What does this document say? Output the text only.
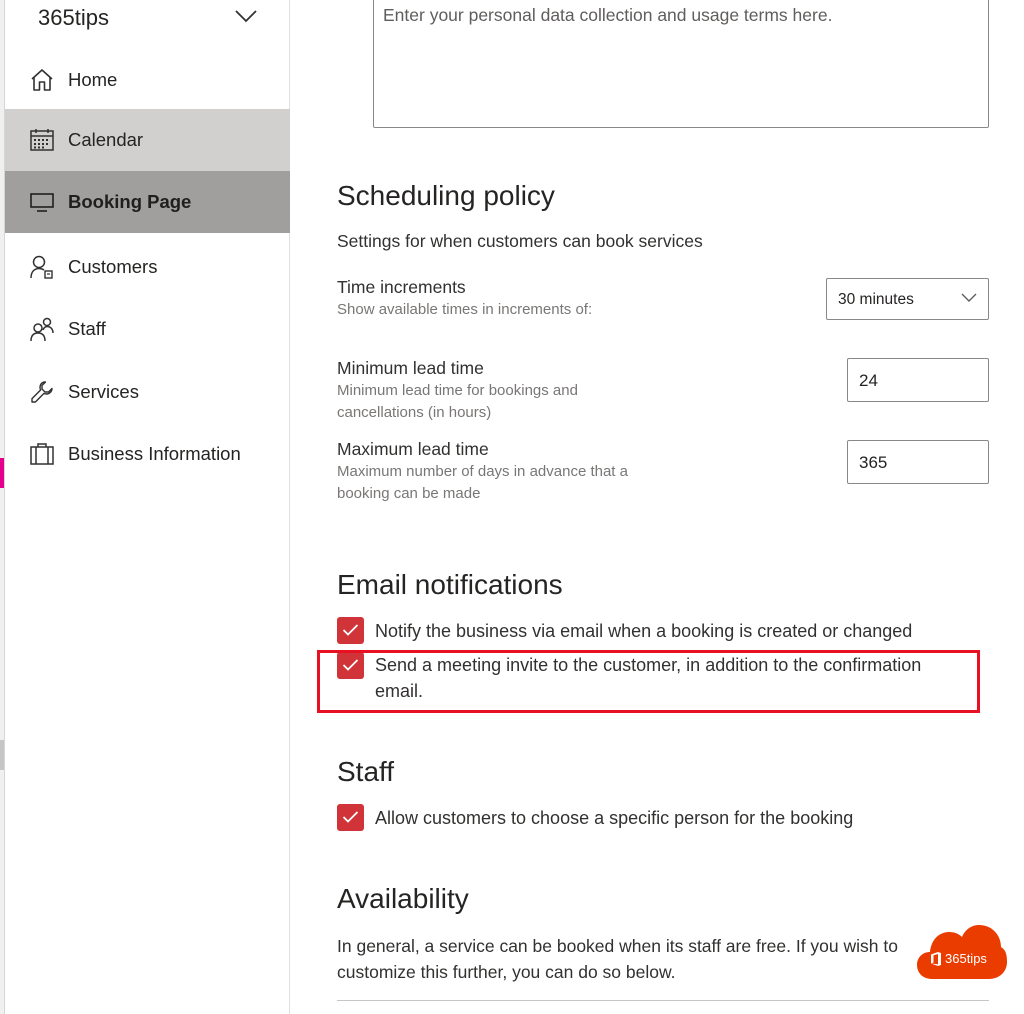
365tips
Home
Calendar
Booking Page
Customers
Staff
Services
Business Information
Enter your personal data collection and usage terms here.
Scheduling policy
Settings for when customers can book services
Time increments
Show available times in increments of:
30 minutes
Minimum lead time
Minimum lead time for bookings and cancellations (in hours)
24
Maximum lead time
Maximum number of days in advance that a booking can be made
365
Email notifications
Notify the business via email when a booking is created or changed
Send a meeting invite to the customer, in addition to the confirmation email.
Staff
Allow customers to choose a specific person for the booking
Availability
In general, a service can be booked when its staff are free. If you wish to customize this further, you can do so below.
365tips
